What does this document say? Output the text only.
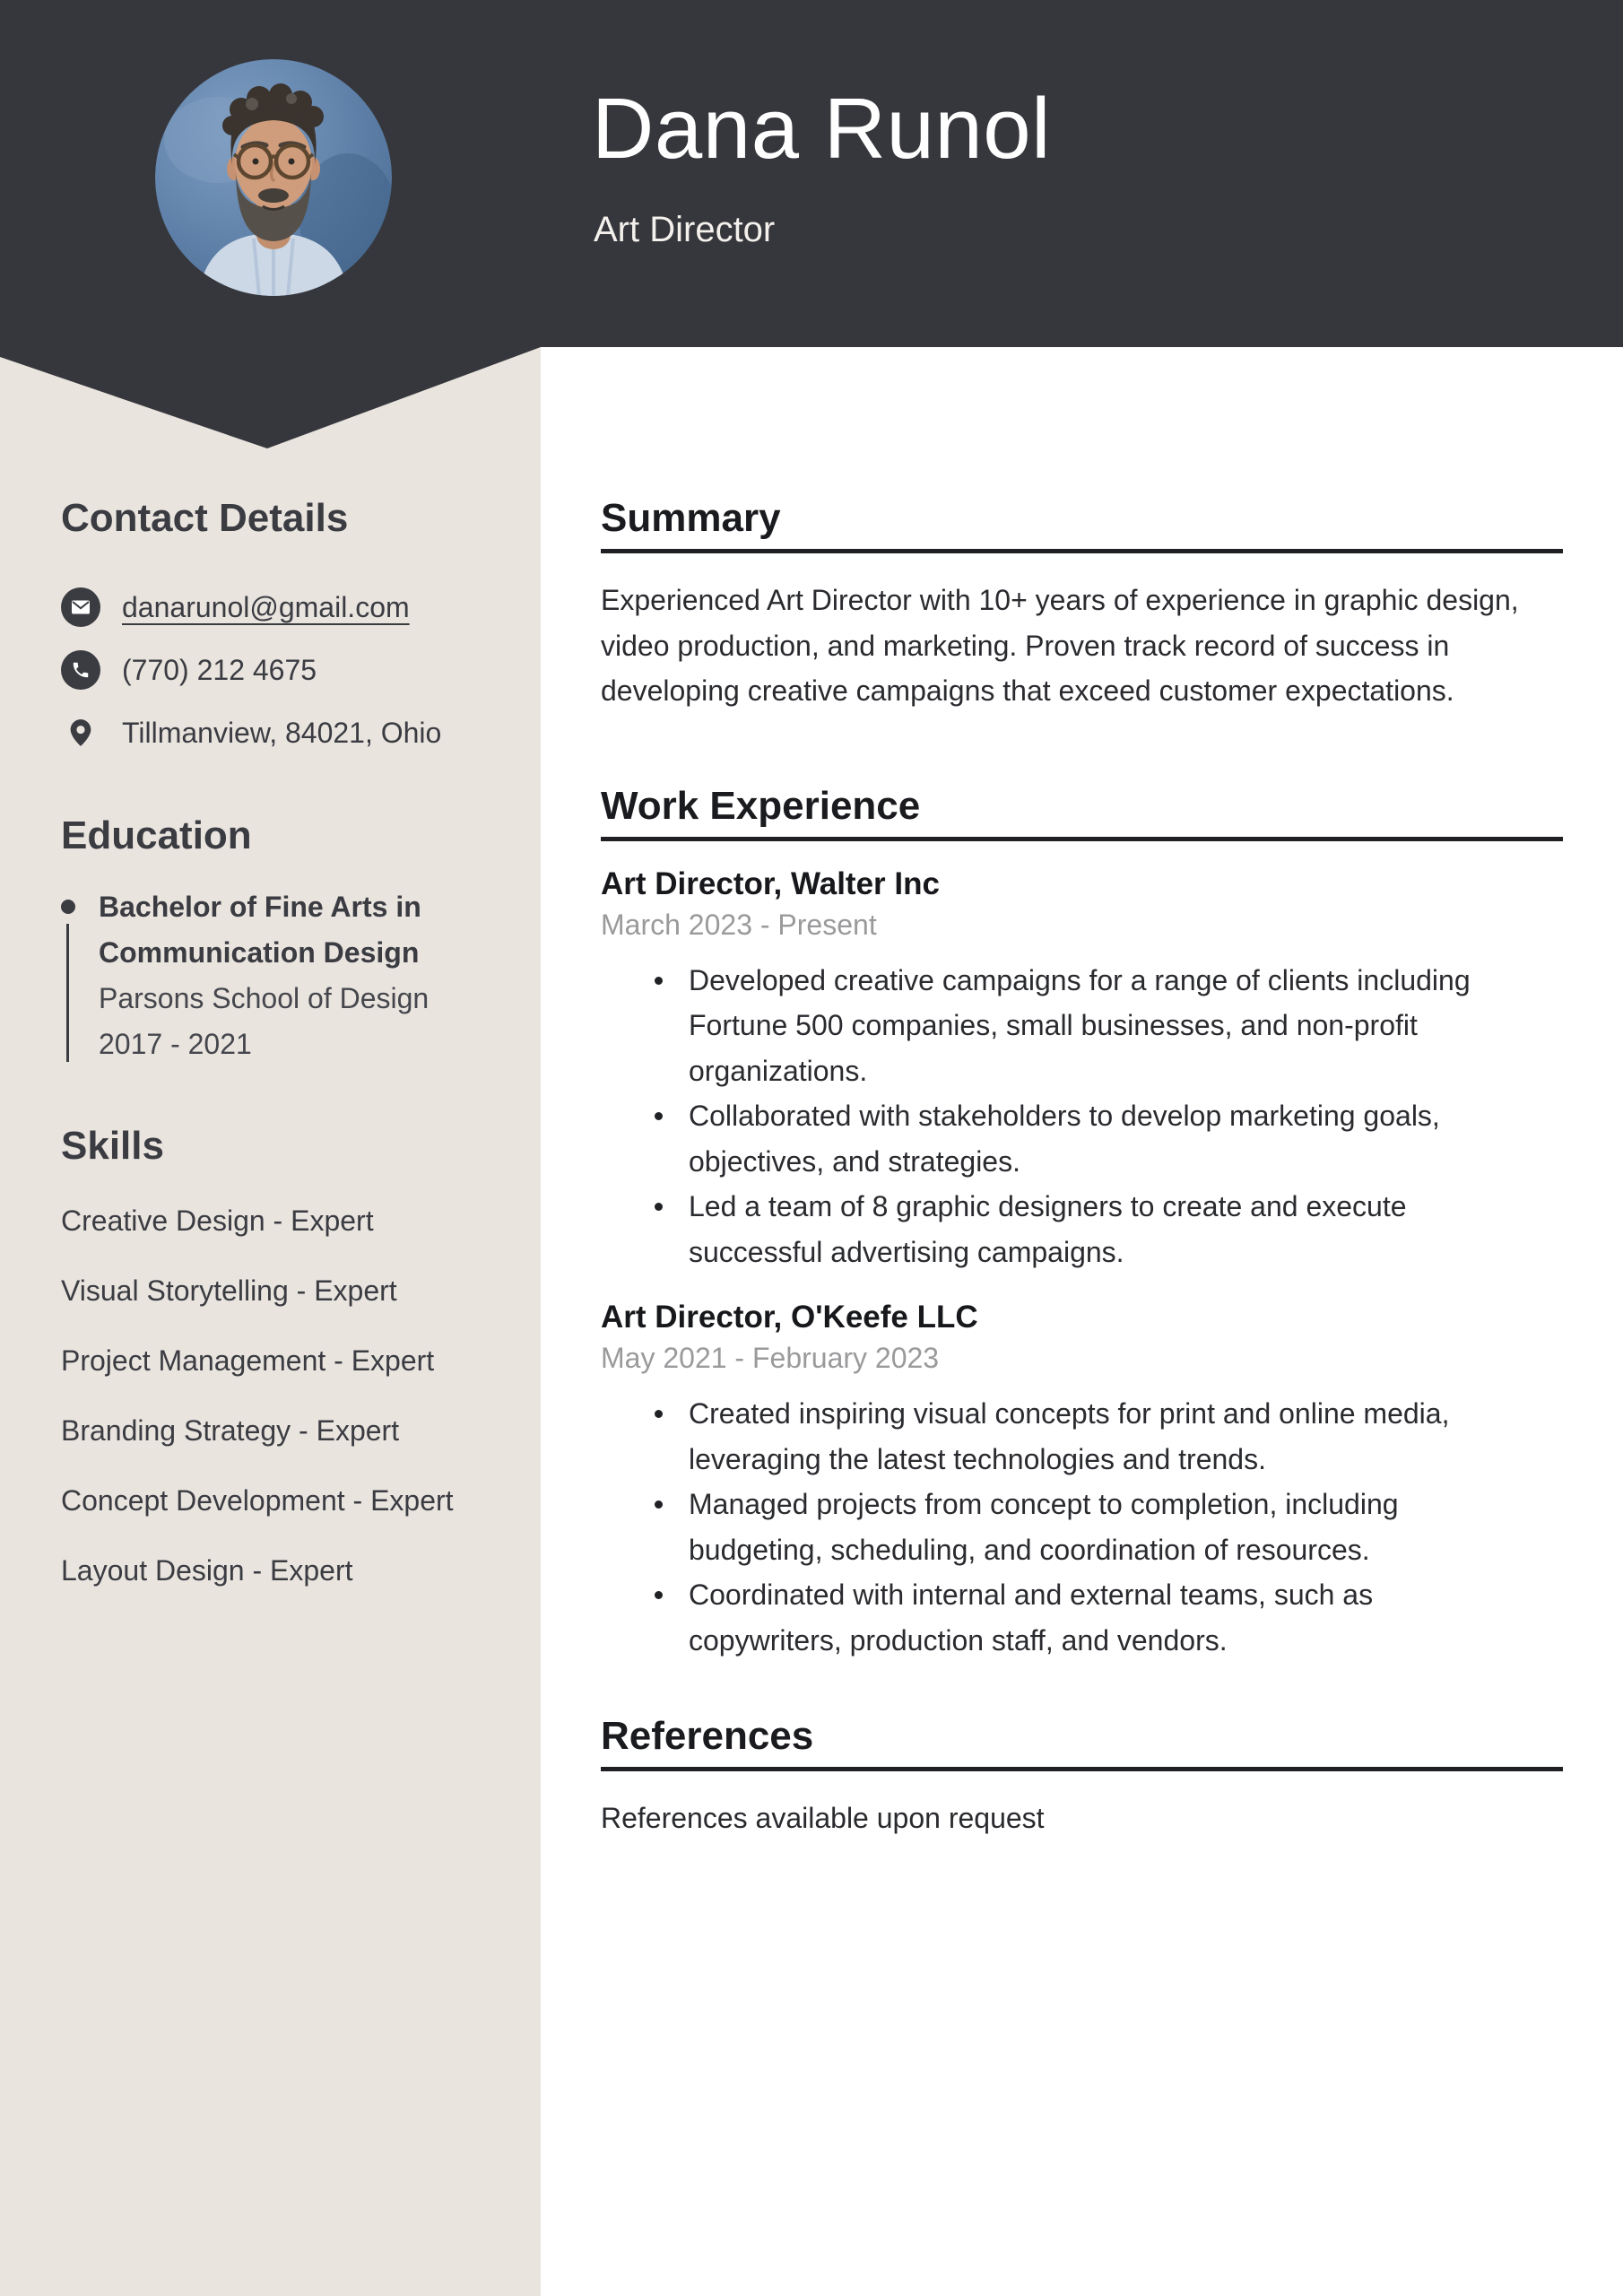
Contact Details
danarunol@gmail.com
(770) 212 4675
Tillmanview, 84021, Ohio
Education
Bachelor of Fine Arts in
Communication Design
Parsons School of Design
2017 - 2021
Skills
Creative Design - Expert
Visual Storytelling - Expert
Project Management - Expert
Branding Strategy - Expert
Concept Development - Expert
Layout Design - Expert
Dana Runol
Art Director
Summary

Experienced Art Director with 10+ years of experience in graphic design,
video production, and marketing. Proven track record of success in
developing creative campaigns that exceed customer expectations.

Work Experience
Art Director, Walter Inc
March 2023 - Present
Developed creative campaigns for a range of clients including
Fortune 500 companies, small businesses, and non-profit
organizations.
Collaborated with stakeholders to develop marketing goals,
objectives, and strategies.
Led a team of 8 graphic designers to create and execute
successful advertising campaigns.
Art Director, O'Keefe LLC
May 2021 - February 2023
Created inspiring visual concepts for print and online media,
leveraging the latest technologies and trends.
Managed projects from concept to completion, including
budgeting, scheduling, and coordination of resources.
Coordinated with internal and external teams, such as
copywriters, production staff, and vendors.
References

References available upon request
